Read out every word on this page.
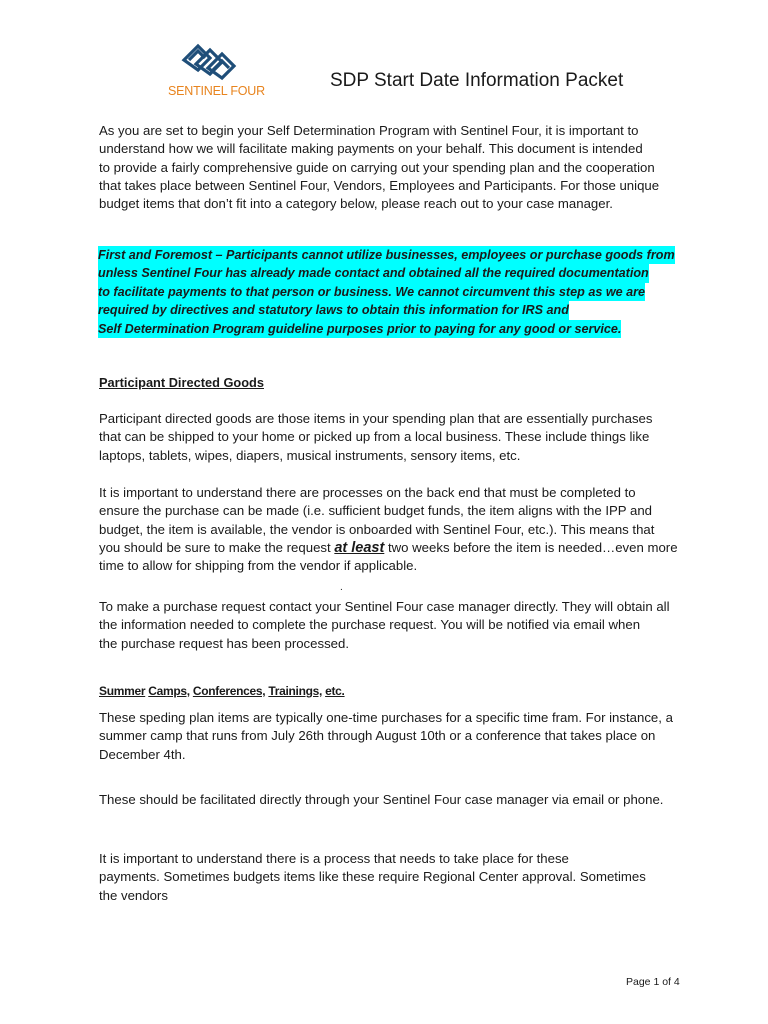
SENTINEL FOUR	SDP Start Date Information Packet
As you are set to begin your Self Determination Program with Sentinel Four, it is important to
understand how we will facilitate making payments on your behalf. This document is intended
to provide a fairly comprehensive guide on carrying out your spending plan and the cooperation
that takes place between Sentinel Four, Vendors, Employees and Participants. For those unique
budget items that don’t fit into a category below, please reach out to your case manager.
First and Foremost – Participants cannot utilize businesses, employees or purchase goods from
unless Sentinel Four has already made contact and obtained all the required documentation
to facilitate payments to that person or business. We cannot circumvent this step as we are
required by directives and statutory laws to obtain this information for IRS and
Self Determination Program guideline purposes prior to paying for any good or service.
Participant Directed Goods
Participant directed goods are those items in your spending plan that are essentially purchases
that can be shipped to your home or picked up from a local business. These include things like
laptops, tablets, wipes, diapers, musical instruments, sensory items, etc.
It is important to understand there are processes on the back end that must be completed to
ensure the purchase can be made (i.e. sufficient budget funds, the item aligns with the IPP and
budget, the item is available, the vendor is onboarded with Sentinel Four, etc.). This means that
you should be sure to make the request at least two weeks before the item is needed…even more
time to allow for shipping from the vendor if applicable.
.
To make a purchase request contact your Sentinel Four case manager directly. They will obtain all
the information needed to complete the purchase request. You will be notified via email when
the purchase request has been processed.
Summer Camps, Conferences, Trainings, etc.
These speding plan items are typically one-time purchases for a specific time fram. For instance, a
summer camp that runs from July 26th through August 10th or a conference that takes place on
December 4th.
These should be facilitated directly through your Sentinel Four case manager via email or phone.
It is important to understand there is a process that needs to take place for these
payments. Sometimes budgets items like these require Regional Center approval. Sometimes
the vendors
Page 1 of 4
